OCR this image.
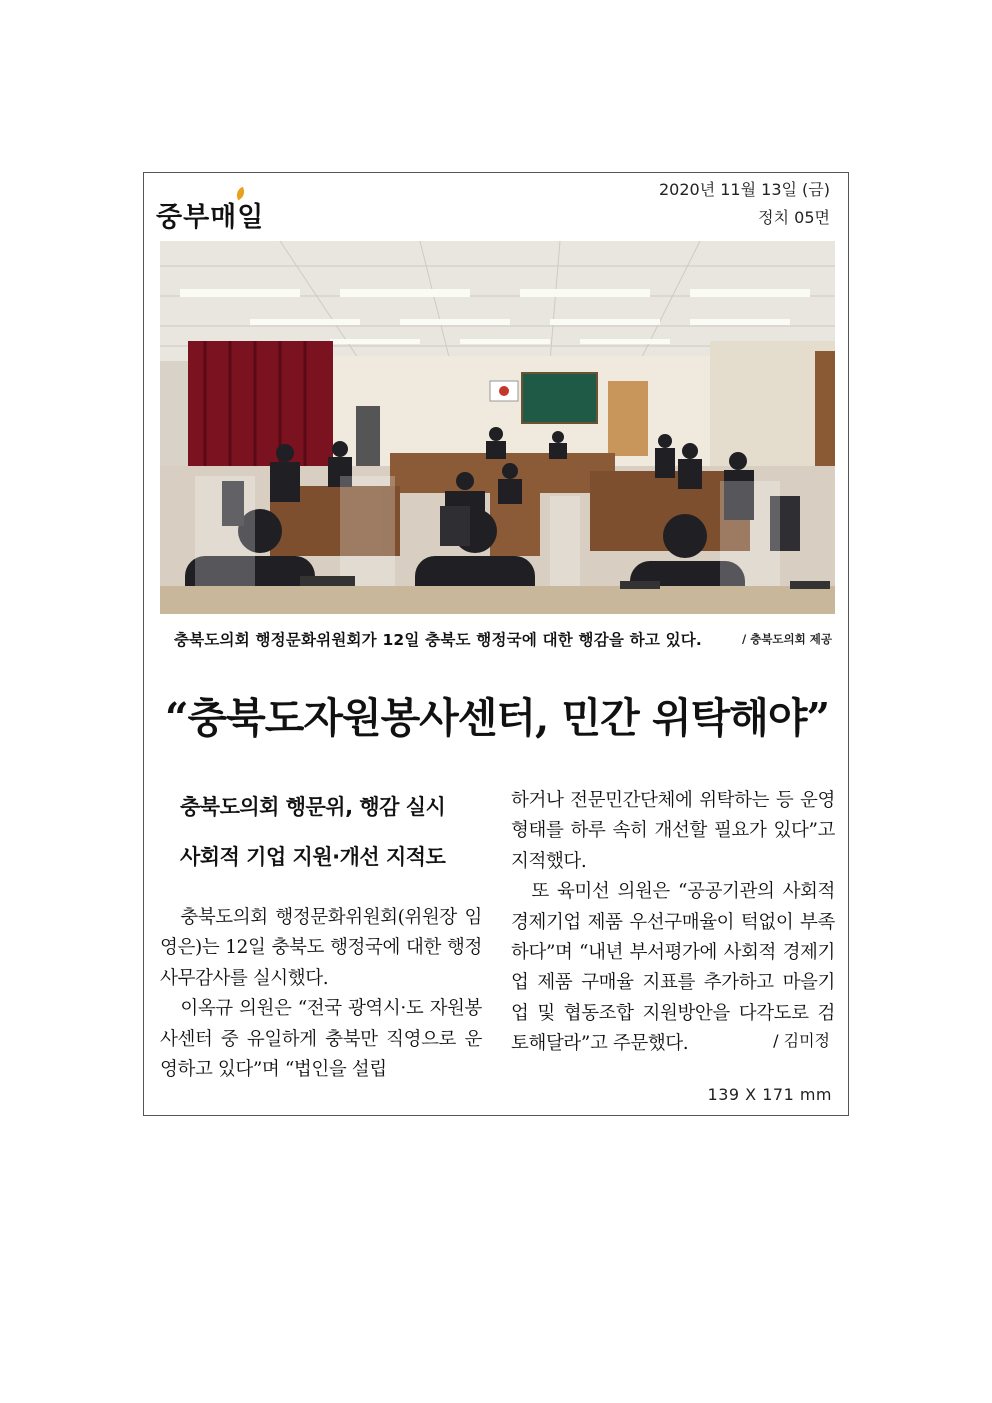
중부매일
2020년 11월 13일 (금)
정치 05면
충북도의회 행정문화위원회가 12일 충북도 행정국에 대한 행감을 하고 있다.	/ 충북도의회 제공
“충북도자원봉사센터, 민간 위탁해야”
충북도의회 행문위, 행감 실시
사회적 기업 지원·개선 지적도

충북도의회 행정문화위원회(위원장 임영은)는 12일 충북도 행정국에 대한 행정사무감사를 실시했다.

이옥규 의원은 “전국 광역시·도 자원봉사센터 중 유일하게 충북만 직영으로 운영하고 있다”며 “법인을 설립

하거나 전문민간단체에 위탁하는 등 운영형태를 하루 속히 개선할 필요가 있다”고 지적했다.

또 육미선 의원은 “공공기관의 사회적 경제기업 제품 우선구매율이 턱없이 부족하다”며 “내년 부서평가에 사회적 경제기업 제품 구매율 지표를 추가하고 마을기업 및 협동조합 지원방안을 다각도로 검토해달라”고 주문했다.	/ 김미정
139 X 171 mm
